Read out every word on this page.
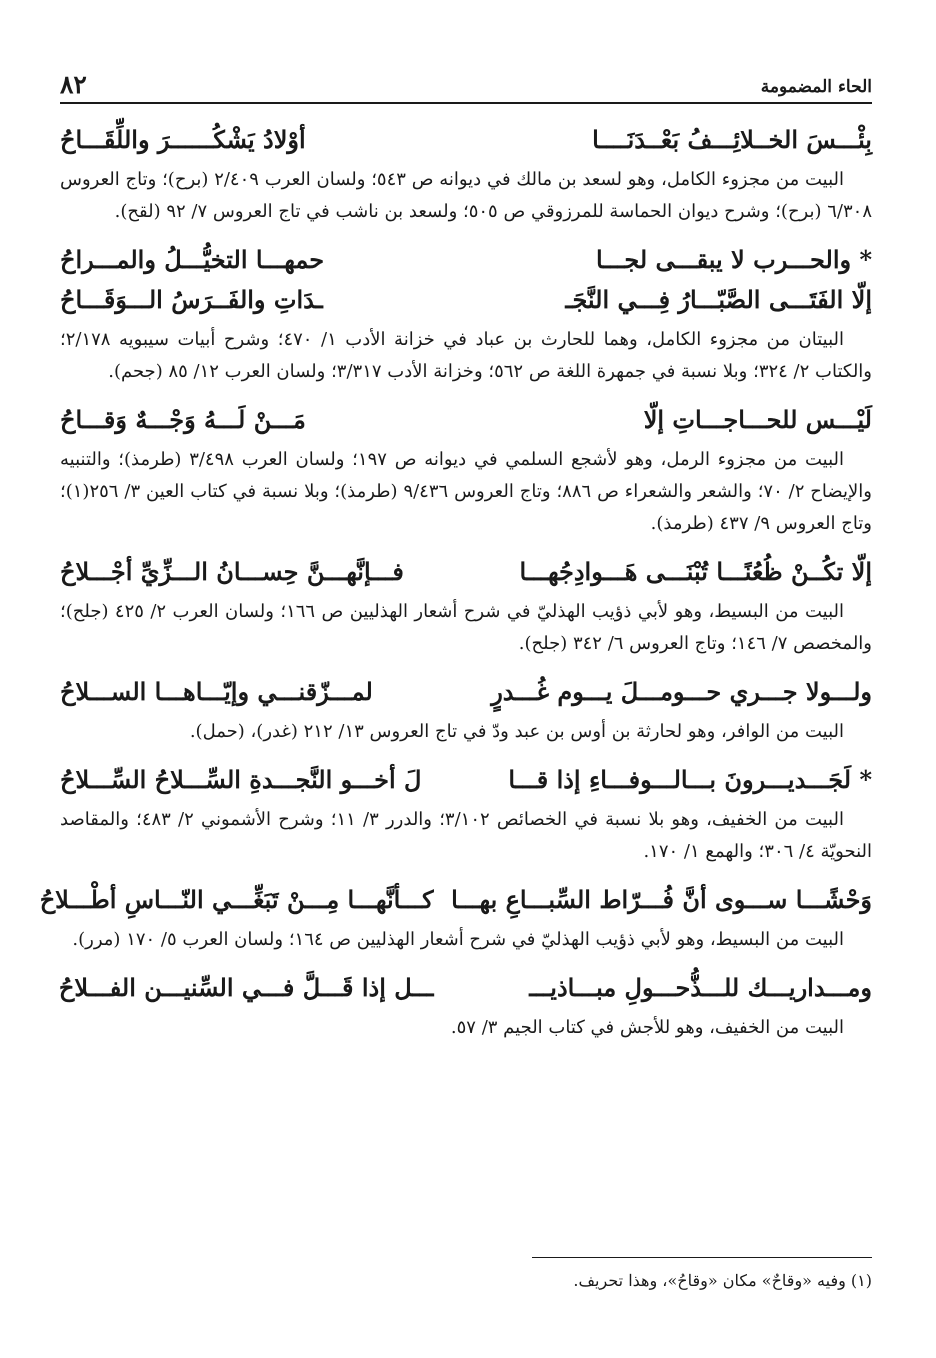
٨٢	الحاء المضمومة
بِئْـــسَ الخــلائِـــفُ بَعْــدَنَــــا
أوْلادُ يَشْكُــــــرَ واللِّقَـــاحُ

البيت من مجزوء الكامل، وهو لسعد بن مالك في ديوانه ص ٥٤٣؛ ولسان العرب ٢/٤٠٩ (برح)؛ وتاج العروس ٦/٣٠٨ (برح)؛ وشرح ديوان الحماسة للمرزوقي ص ٥٠٥؛ ولسعد بن ناشب في تاج العروس ٧/ ٩٢ (لقح).

* والحـــرب لا يبقـــى لجـــا
حمهـــا التخيُّـــلُ والمـــراحُ
إلّا الفَتَـــى الصَّبّـــارُ فِـــي النَّجَـ
ـدَاتِ والفَــرَسُ الـــوَقَـــاحُ

البيتان من مجزوء الكامل، وهما للحارث بن عباد في خزانة الأدب ١/ ٤٧٠؛ وشرح أبيات سيبويه ٢/١٧٨؛ والكتاب ٢/ ٣٢٤؛ وبلا نسبة في جمهرة اللغة ص ٥٦٢؛ وخزانة الأدب ٣/٣١٧؛ ولسان العرب ١٢/ ٨٥ (جحم).

لَيْـــس للحـــاجـــاتِ إلّا
مَـــنْ لَـــهُ وَجْـــهٌ وَقـــاحُ

البيت من مجزوء الرمل، وهو لأشجع السلمي في ديوانه ص ١٩٧؛ ولسان العرب ٣/٤٩٨ (طرمذ)؛ والتنبيه والإيضاح ٢/ ٧٠؛ والشعر والشعراء ص ٨٨٦؛ وتاج العروس ٩/٤٣٦ (طرمذ)؛ وبلا نسبة في كتاب العين ٣/ ٢٥٦(١)؛ وتاج العروس ٩/ ٤٣٧ (طرمذ).

إلّا تكُــنْ ظُعُنًـــا تُبْنَـــى هَـــوادِجُهـــا
فـــإنَّهـــنَّ حِســـانُ الـــزِّيِّ أجْـــلاحُ

البيت من البسيط، وهو لأبي ذؤيب الهذليّ في شرح أشعار الهذليين ص ١٦٦؛ ولسان العرب ٢/ ٤٢٥ (جلح)؛ والمخصص ٧/ ١٤٦؛ وتاج العروس ٦/ ٣٤٢ (جلح).

ولـــولا جـــري حـــومـــلَ يـــوم غُـــدرٍ
لمـــزّقنـــي وإيّـــاهـــا الســـلاحُ

البيت من الوافر، وهو لحارثة بن أوس بن عبد ودّ في تاج العروس ١٣/ ٢١٢ (غدر)، (حمل).

* لَجَـــديـــرونَ بـــالـــوفـــاءِ إذا قـــا
لَ أخـــو النَّجـــدةِ السِّـــلاحُ السِّـــلاحُ

البيت من الخفيف، وهو بلا نسبة في الخصائص ٣/١٠٢؛ والدرر ٣/ ١١؛ وشرح الأشموني ٢/ ٤٨٣؛ والمقاصد النحويّة ٤/ ٣٠٦؛ والهمع ١/ ١٧٠.

وَحْشًـــا ســـوى أنَّ فُـــرّاط السِّبـــاعِ بهـــا
كـــأنَّهـــا مِـــنْ تَبَغِّـــي النّـــاسِ أطْـــلاحُ

البيت من البسيط، وهو لأبي ذؤيب الهذليّ في شرح أشعار الهذليين ص ١٦٤؛ ولسان العرب ٥/ ١٧٠ (مرر).

ومـــداريـــك للـــذُّحـــولِ مبـــاذيـــ
ـــل إذا قَـــلَّ فـــي السِّنيـــن الفـــلاحُ

البيت من الخفيف، وهو للأجش في كتاب الجيم ٣/ ٥٧.

(١) وفيه «وقاحٌ» مكان «وقاحُ»، وهذا تحريف.
